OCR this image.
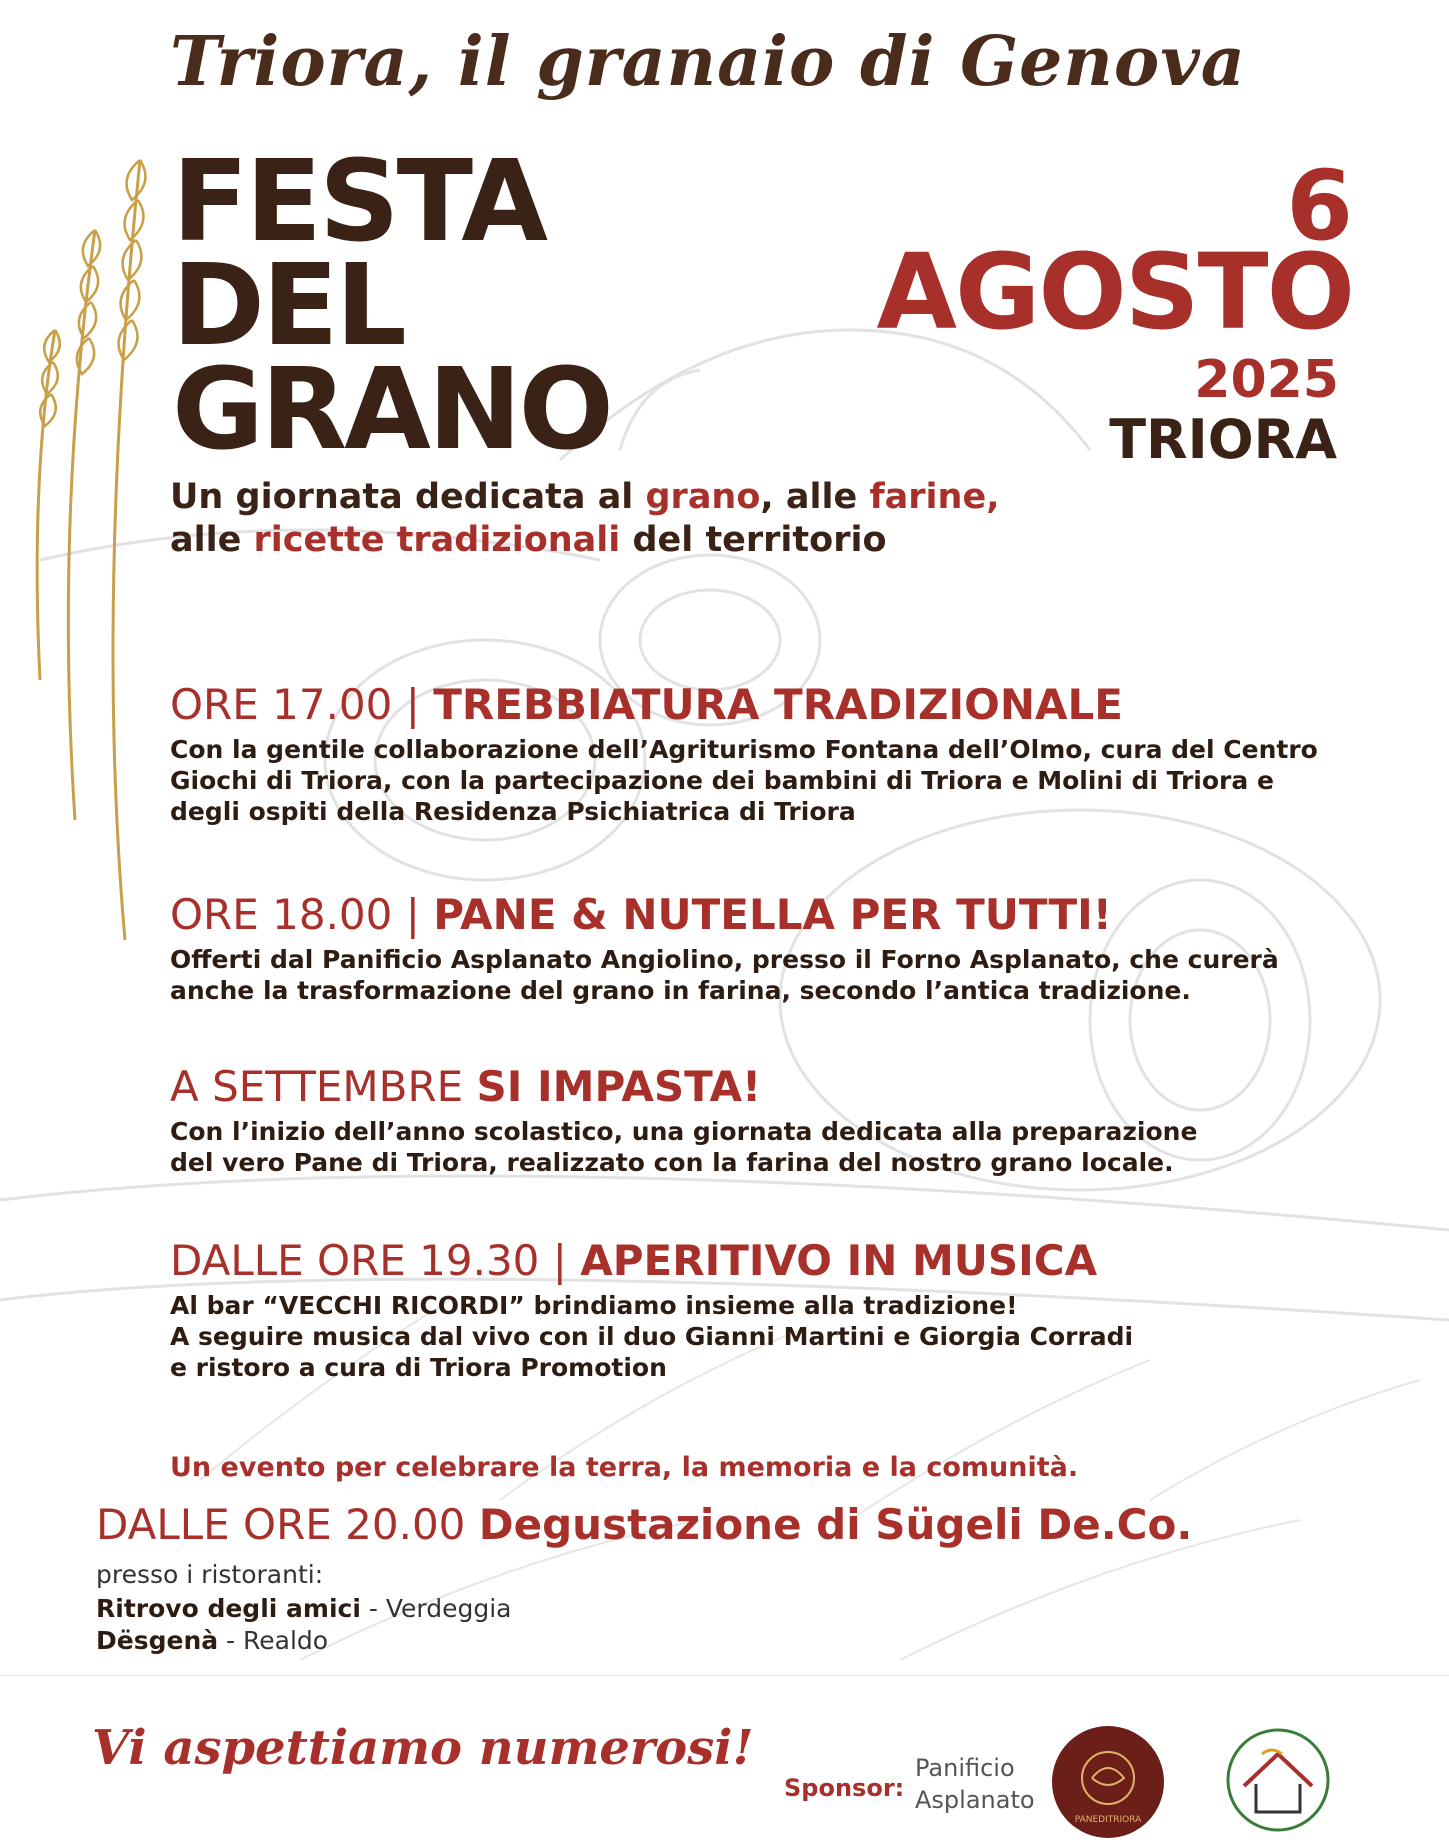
Triora, il granaio di Genova
FESTA
DEL
GRANO
6
AGOSTO
2025
TRIORA
Un giornata dedicata al grano, alle farine,
alle ricette tradizionali del territorio
ORE 17.00 | TREBBIATURA TRADIZIONALE
Con la gentile collaborazione dell’Agriturismo Fontana dell’Olmo, cura del Centro
Giochi di Triora, con la partecipazione dei bambini di Triora e Molini di Triora e
degli ospiti della Residenza Psichiatrica di Triora
ORE 18.00 | PANE & NUTELLA PER TUTTI!
Offerti dal Panificio Asplanato Angiolino, presso il Forno Asplanato, che curerà
anche la trasformazione del grano in farina, secondo l’antica tradizione.
A SETTEMBRE SI IMPASTA!
Con l’inizio dell’anno scolastico, una giornata dedicata alla preparazione
del vero Pane di Triora, realizzato con la farina del nostro grano locale.
DALLE ORE 19.30 | APERITIVO IN MUSICA
Al bar “VECCHI RICORDI” brindiamo insieme alla tradizione!
A seguire musica dal vivo con il duo Gianni Martini e Giorgia Corradi
e ristoro a cura di Triora Promotion
Un evento per celebrare la terra, la memoria e la comunità.
DALLE ORE 20.00 Degustazione di Sügeli De.Co.
presso i ristoranti:
Ritrovo degli amici - Verdeggia
Dësgenà - Realdo
Vi aspettiamo numerosi!
Sponsor:
Panificio
Asplanato
PANEDITRIORA
